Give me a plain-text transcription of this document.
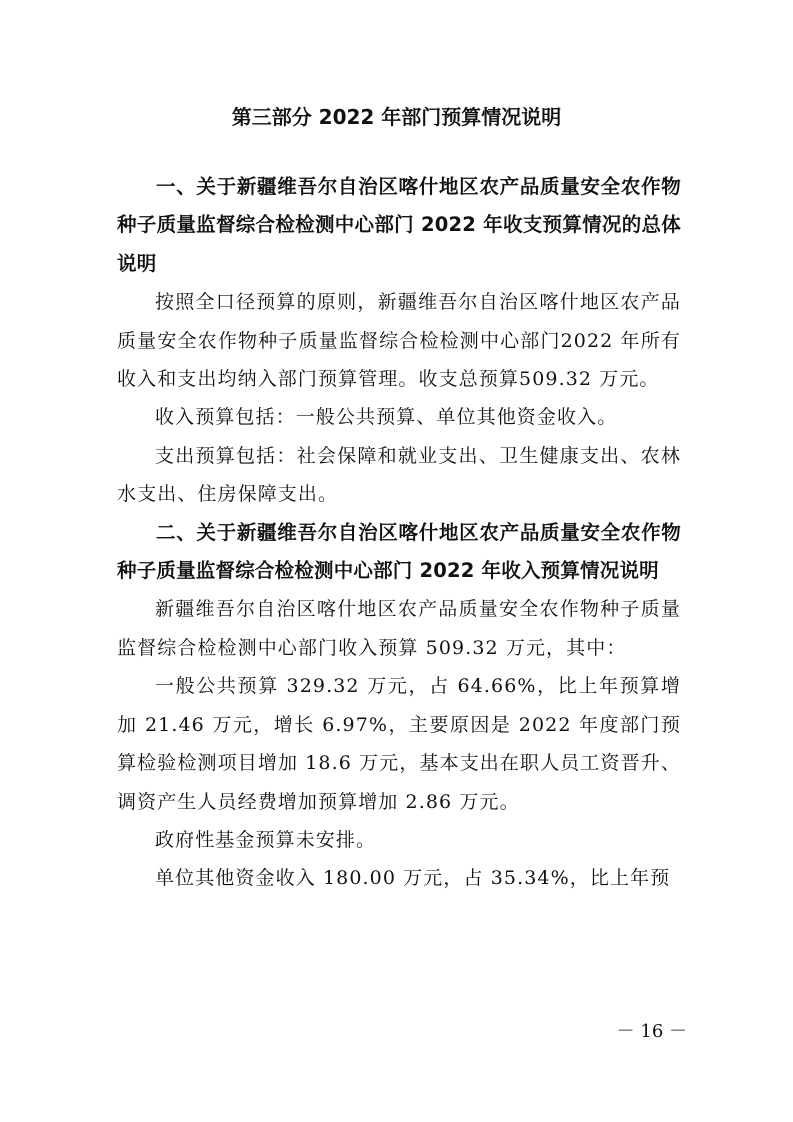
第三部分 2022 年部门预算情况说明

一、关于新疆维吾尔自治区喀什地区农产品质量安全农作物种子质量监督综合检检测中心部门 2022 年收支预算情况的总体说明

按照全口径预算的原则，新疆维吾尔自治区喀什地区农产品质量安全农作物种子质量监督综合检检测中心部门2022 年所有收入和支出均纳入部门预算管理。收支总预算509.32 万元。

收入预算包括：一般公共预算、单位其他资金收入。

支出预算包括：社会保障和就业支出、卫生健康支出、农林水支出、住房保障支出。

二、关于新疆维吾尔自治区喀什地区农产品质量安全农作物种子质量监督综合检检测中心部门 2022 年收入预算情况说明

新疆维吾尔自治区喀什地区农产品质量安全农作物种子质量监督综合检检测中心部门收入预算 509.32 万元，其中：

一般公共预算 329.32 万元，占 64.66%，比上年预算增加 21.46 万元，增长 6.97%，主要原因是 2022 年度部门预算检验检测项目增加 18.6 万元，基本支出在职人员工资晋升、调资产生人员经费增加预算增加 2.86 万元。

政府性基金预算未安排。

单位其他资金收入 180.00 万元，占 35.34%，比上年预

－ 16 －
